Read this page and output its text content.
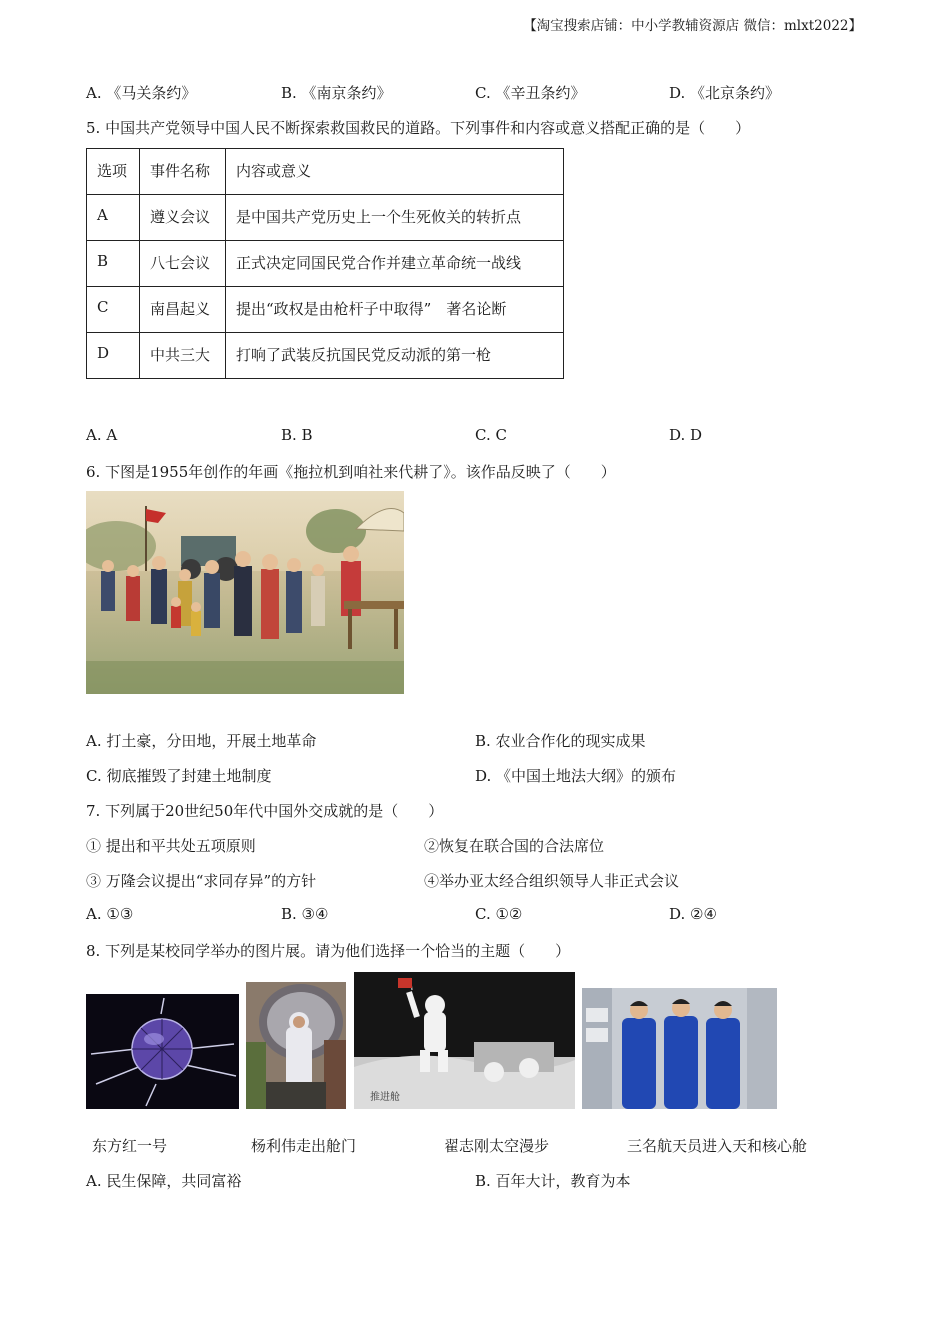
【淘宝搜索店铺：中小学教辅资源店 微信：mlxt2022】
A. 《马关条约》	B. 《南京条约》	C. 《辛丑条约》	D. 《北京条约》
5. 中国共产党领导中国人民不断探索救国救民的道路。下列事件和内容或意义搭配正确的是（　　）
选项	事件名称	内容或意义
A	遵义会议	是中国共产党历史上一个生死攸关的转折点
B	八七会议	正式决定同国民党合作并建立革命统一战线
C	南昌起义	提出“政权是由枪杆子中取得”　著名论断
D	中共三大	打响了武装反抗国民党反动派的第一枪
A. A	B. B	C. C	D. D
6. 下图是1955年创作的年画《拖拉机到咱社来代耕了》。该作品反映了（　　）
A. 打土豪，分田地，开展土地革命	B. 农业合作化的现实成果
C. 彻底摧毁了封建土地制度	D. 《中国土地法大纲》的颁布
7. 下列属于20世纪50年代中国外交成就的是（　　）
① 提出和平共处五项原则	②恢复在联合国的合法席位
③ 万隆会议提出“求同存异”的方针	④举办亚太经合组织领导人非正式会议
A. ①③	B. ③④	C. ①②	D. ②④
8. 下列是某校同学举办的图片展。请为他们选择一个恰当的主题（　　）
推进舱
东方红一号	杨利伟走出舱门	翟志刚太空漫步	三名航天员进入天和核心舱
A. 民生保障，共同富裕	B. 百年大计，教育为本
